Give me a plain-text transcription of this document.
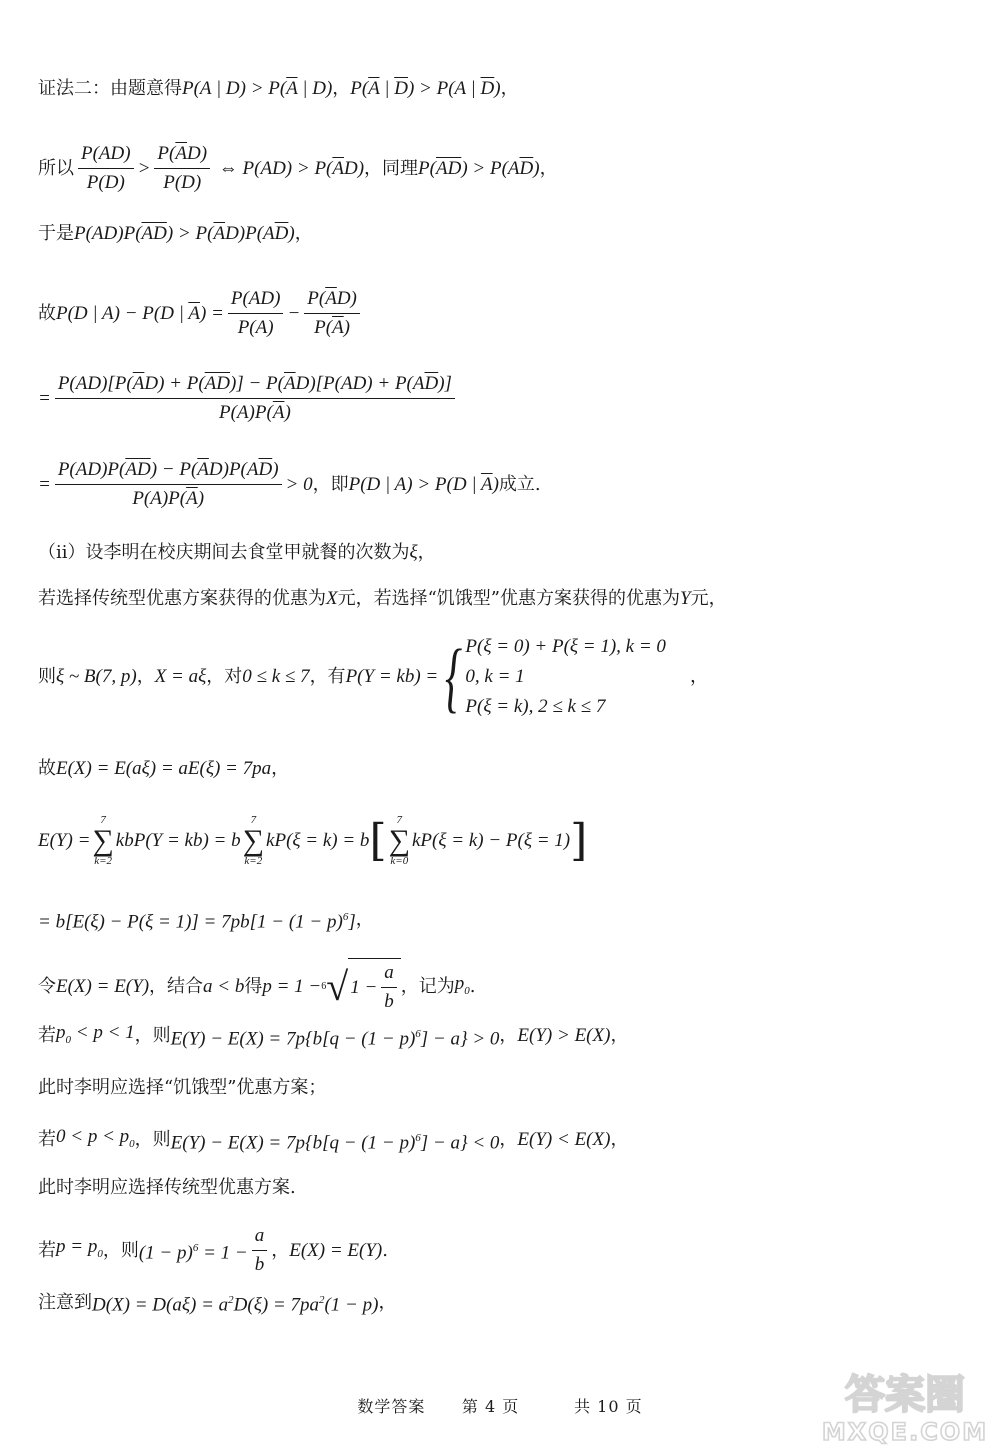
证法二：由题意得 P(A | $D) > P(\overline{A}$ | D) ， $P(\overline{A}$ | $\overline{D}) > P(A$ | $\overline{D}$) ，
所以 $\frac{P(AD)}{P(D)} > \frac{P(\overline{A}D)}{P(D)}$ ⇔ $P(AD) > P(\overline{A}D)$ ，同理 $P(\overline{AD}) > P(A\overline{D})$ ，
于是 $P(AD)P(\overline{AD}) > P(\overline{A}D)P(A\overline{D})$ ，
故 P(D | A) − P(D | $\overline{A}) = \frac{P(AD)}{P(A)} - \frac{P(\overline{A}D)}{P(\overline{A})}$
= $\frac{P(AD)[P(\overline{A}D) + P(\overline{AD})] - P(\overline{A}D)[P(AD) + P(A\overline{D})]}{P(A)P(\overline{A})}$
= $\frac{P(AD)P(\overline{AD}) - P(\overline{A}D)P(A\overline{D})}{P(A)P(\overline{A})} > 0$ ，即 P(D | A) > P(D | $\overline{A}$) 成立.
（ii）设李明在校庆期间去食堂甲就餐的次数为 ξ ，
若选择传统型优惠方案获得的优惠为 X 元，若选择“饥饿型”优惠方案获得的优惠为 Y 元，
则 ξ ~ B(7, p) ， X = aξ ，对 0 ≤ k ≤ 7 ，有 P(Y = kb) = { P(ξ = 0) + P(ξ = 1), k = 0
0, k = 1
P(ξ = k), 2 ≤ k ≤ 7
，
故 E(X) = E(aξ) = aE(ξ) = 7pa ，
E(Y) =
7
∑
k=2
kbP(Y = kb) = b
7
∑
k=2
kP(ξ = k) = b [ 7
∑
k=0
kP(ξ = k) − P(ξ = 1) ]
= $b[E(\xi) - P(\xi = 1)] = 7pb[1 - (1 - p)^6]$ ，
令 E(X) = E(Y) ，结合 a < b 得 p = 1 − 6 √ $1 - \frac{a}{b}$ ，记为 $p_0$ .
若 $p_0 < p < 1$ ，则 $E(Y) - E(X) = 7p\{b[q - (1 - p)^6] - a\} > 0$ ， E(Y) > E(X) ，
此时李明应选择“饥饿型”优惠方案；
若 $0 < p < p_0$ ，则 $E(Y) - E(X) = 7p\{b[q - (1 - p)^6] - a\} < 0$ ， E(Y) < E(X) ，
此时李明应选择传统型优惠方案.
若 $p = p_0$ ，则 $(1 - p)^6 = 1 - \frac{a}{b}$ ， E(X) = E(Y) .
注意到 $D(X) = D(a\xi) = a^2D(\xi) = 7pa^2(1 - p)$ ，
数学答案 第 4 页	共 10 页	答案圈
MXQE.COM
